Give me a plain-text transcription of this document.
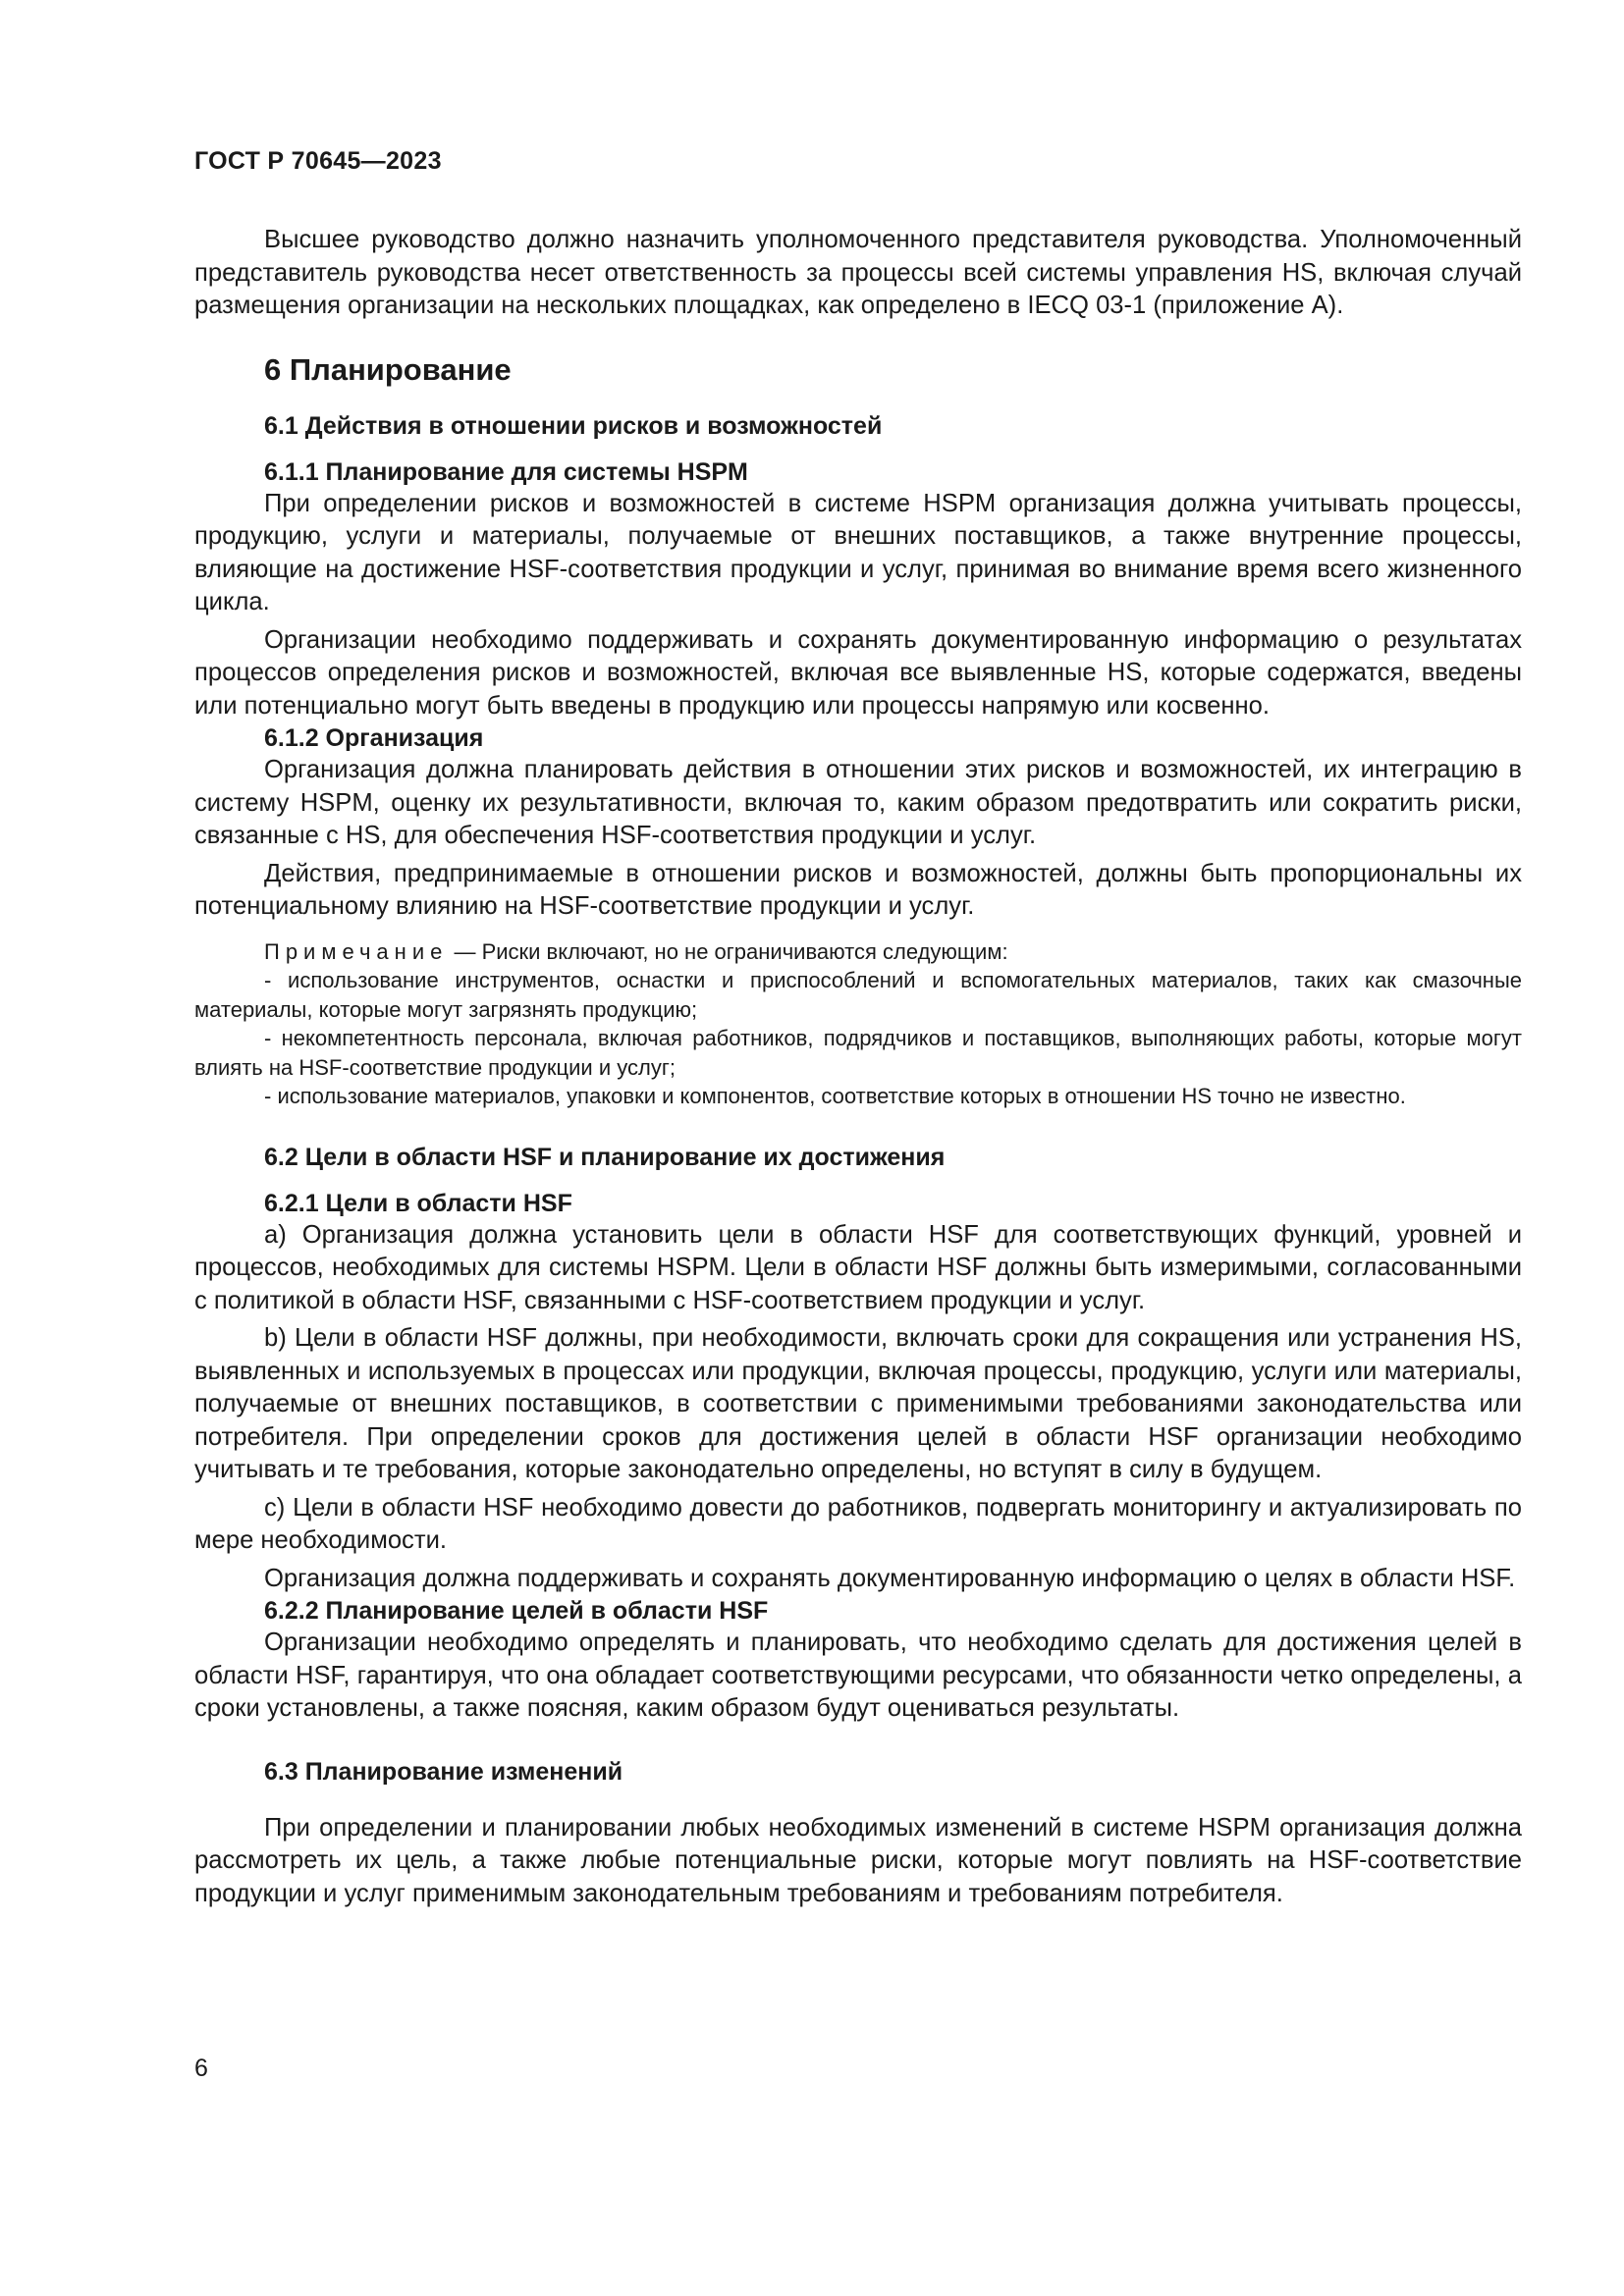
ГОСТ Р 70645—2023

Высшее руководство должно назначить уполномоченного представителя руководства. Уполномоченный представитель руководства несет ответственность за процессы всей системы управления HS, включая случай размещения организации на нескольких площадках, как определено в IECQ 03-1 (приложение А).

6 Планирование
6.1 Действия в отношении рисков и возможностей
6.1.1 Планирование для системы HSPM

При определении рисков и возможностей в системе HSPM организация должна учитывать процессы, продукцию, услуги и материалы, получаемые от внешних поставщиков, а также внутренние процессы, влияющие на достижение HSF-соответствия продукции и услуг, принимая во внимание время всего жизненного цикла.

Организации необходимо поддерживать и сохранять документированную информацию о результатах процессов определения рисков и возможностей, включая все выявленные HS, которые содержатся, введены или потенциально могут быть введены в продукцию или процессы напрямую или косвенно.

6.1.2 Организация

Организация должна планировать действия в отношении этих рисков и возможностей, их интеграцию в систему HSPM, оценку их результативности, включая то, каким образом предотвратить или сократить риски, связанные с HS, для обеспечения HSF-соответствия продукции и услуг.

Действия, предпринимаемые в отношении рисков и возможностей, должны быть пропорциональны их потенциальному влиянию на HSF-соответствие продукции и услуг.

Примечание — Риски включают, но не ограничиваются следующим:

- использование инструментов, оснастки и приспособлений и вспомогательных материалов, таких как смазочные материалы, которые могут загрязнять продукцию;

- некомпетентность персонала, включая работников, подрядчиков и поставщиков, выполняющих работы, которые могут влиять на HSF-соответствие продукции и услуг;

- использование материалов, упаковки и компонентов, соответствие которых в отношении HS точно не известно.

6.2 Цели в области HSF и планирование их достижения
6.2.1 Цели в области HSF

а) Организация должна установить цели в области HSF для соответствующих функций, уровней и процессов, необходимых для системы HSPM. Цели в области HSF должны быть измеримыми, согласованными с политикой в области HSF, связанными с HSF-соответствием продукции и услуг.

b) Цели в области HSF должны, при необходимости, включать сроки для сокращения или устранения HS, выявленных и используемых в процессах или продукции, включая процессы, продукцию, услуги или материалы, получаемые от внешних поставщиков, в соответствии с применимыми требованиями законодательства или потребителя. При определении сроков для достижения целей в области HSF организации необходимо учитывать и те требования, которые законодательно определены, но вступят в силу в будущем.

с) Цели в области HSF необходимо довести до работников, подвергать мониторингу и актуализировать по мере необходимости.

Организация должна поддерживать и сохранять документированную информацию о целях в области HSF.

6.2.2 Планирование целей в области HSF

Организации необходимо определять и планировать, что необходимо сделать для достижения целей в области HSF, гарантируя, что она обладает соответствующими ресурсами, что обязанности четко определены, а сроки установлены, а также поясняя, каким образом будут оцениваться результаты.

6.3 Планирование изменений

При определении и планировании любых необходимых изменений в системе HSPM организация должна рассмотреть их цель, а также любые потенциальные риски, которые могут повлиять на HSF-соответствие продукции и услуг применимым законодательным требованиям и требованиям потребителя.

6
